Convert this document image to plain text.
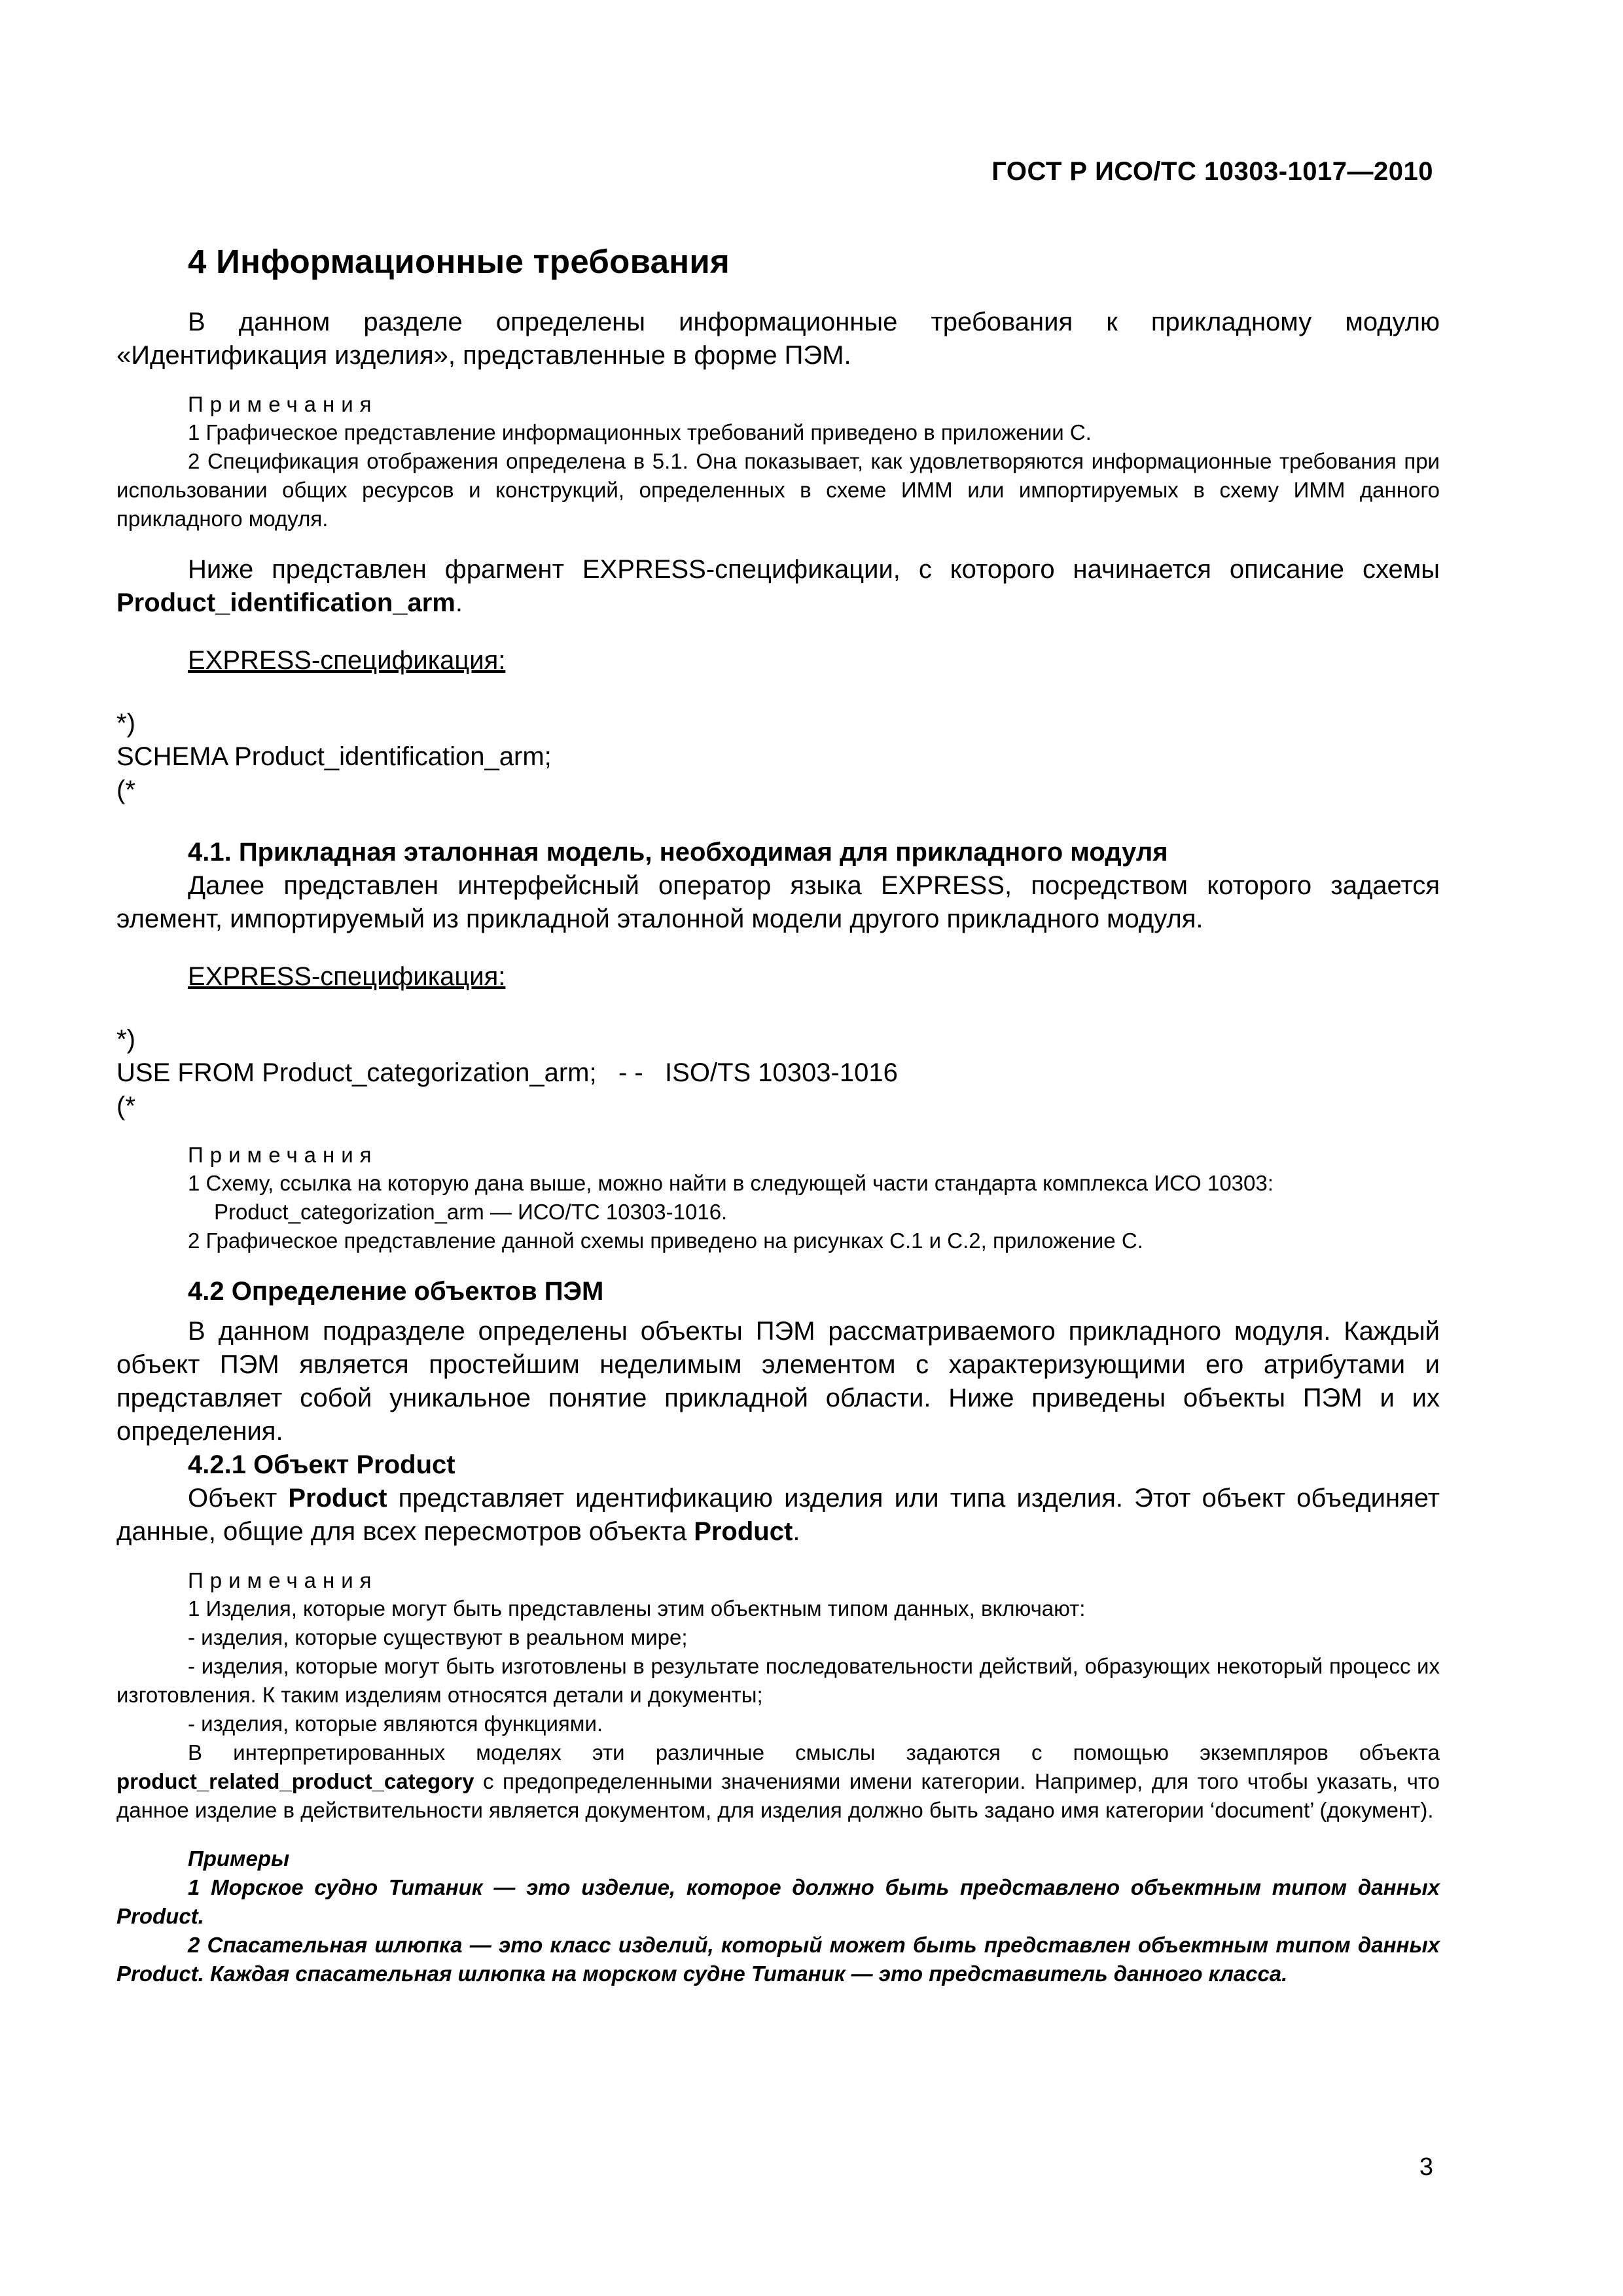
ГОСТ Р ИСО/ТС 10303-1017—2010

4 Информационные требования

В данном разделе определены информационные требования к прикладному модулю «Идентификация изделия», представленные в форме ПЭМ.

Примечания

1 Графическое представление информационных требований приведено в приложении С.

2 Спецификация отображения определена в 5.1. Она показывает, как удовлетворяются информационные требования при использовании общих ресурсов и конструкций, определенных в схеме ИММ или импортируемых в схему ИММ данного прикладного модуля.

Ниже представлен фрагмент EXPRESS-спецификации, с которого начинается описание схемы Product_identification_arm.

EXPRESS-спецификация:

*)

SCHEMA Product_identification_arm;

(*

4.1. Прикладная эталонная модель, необходимая для прикладного модуля

Далее представлен интерфейсный оператор языка EXPRESS, посредством которого задается элемент, импортируемый из прикладной эталонной модели другого прикладного модуля.

EXPRESS-спецификация:

*)

USE FROM Product_categorization_arm;   - -   ISO/TS 10303-1016

(*

Примечания

1 Схему, ссылка на которую дана выше, можно найти в следующей части стандарта комплекса ИСО 10303: Product_categorization_arm — ИСО/ТС 10303-1016.

2 Графическое представление данной схемы приведено на рисунках С.1 и С.2, приложение С.

4.2 Определение объектов ПЭМ

В данном подразделе определены объекты ПЭМ рассматриваемого прикладного модуля. Каждый объект ПЭМ является простейшим неделимым элементом с характеризующими его атрибутами и представляет собой уникальное понятие прикладной области. Ниже приведены объекты ПЭМ и их определения.

4.2.1 Объект Product

Объект Product представляет идентификацию изделия или типа изделия. Этот объект объединяет данные, общие для всех пересмотров объекта Product.

Примечания

1 Изделия, которые могут быть представлены этим объектным типом данных, включают:

- изделия, которые существуют в реальном мире;

- изделия, которые могут быть изготовлены в результате последовательности действий, образующих некоторый процесс их изготовления. К таким изделиям относятся детали и документы;

- изделия, которые являются функциями.

В интерпретированных моделях эти различные смыслы задаются с помощью экземпляров объекта product_related_product_category с предопределенными значениями имени категории. Например, для того чтобы указать, что данное изделие в действительности является документом, для изделия должно быть задано имя категории ‘document’ (документ).

Примеры

1 Морское судно Титаник — это изделие, которое должно быть представлено объектным типом данных Product.

2 Спасательная шлюпка — это класс изделий, который может быть представлен объектным типом данных Product. Каждая спасательная шлюпка на морском судне Титаник — это представитель данного класса.

3
